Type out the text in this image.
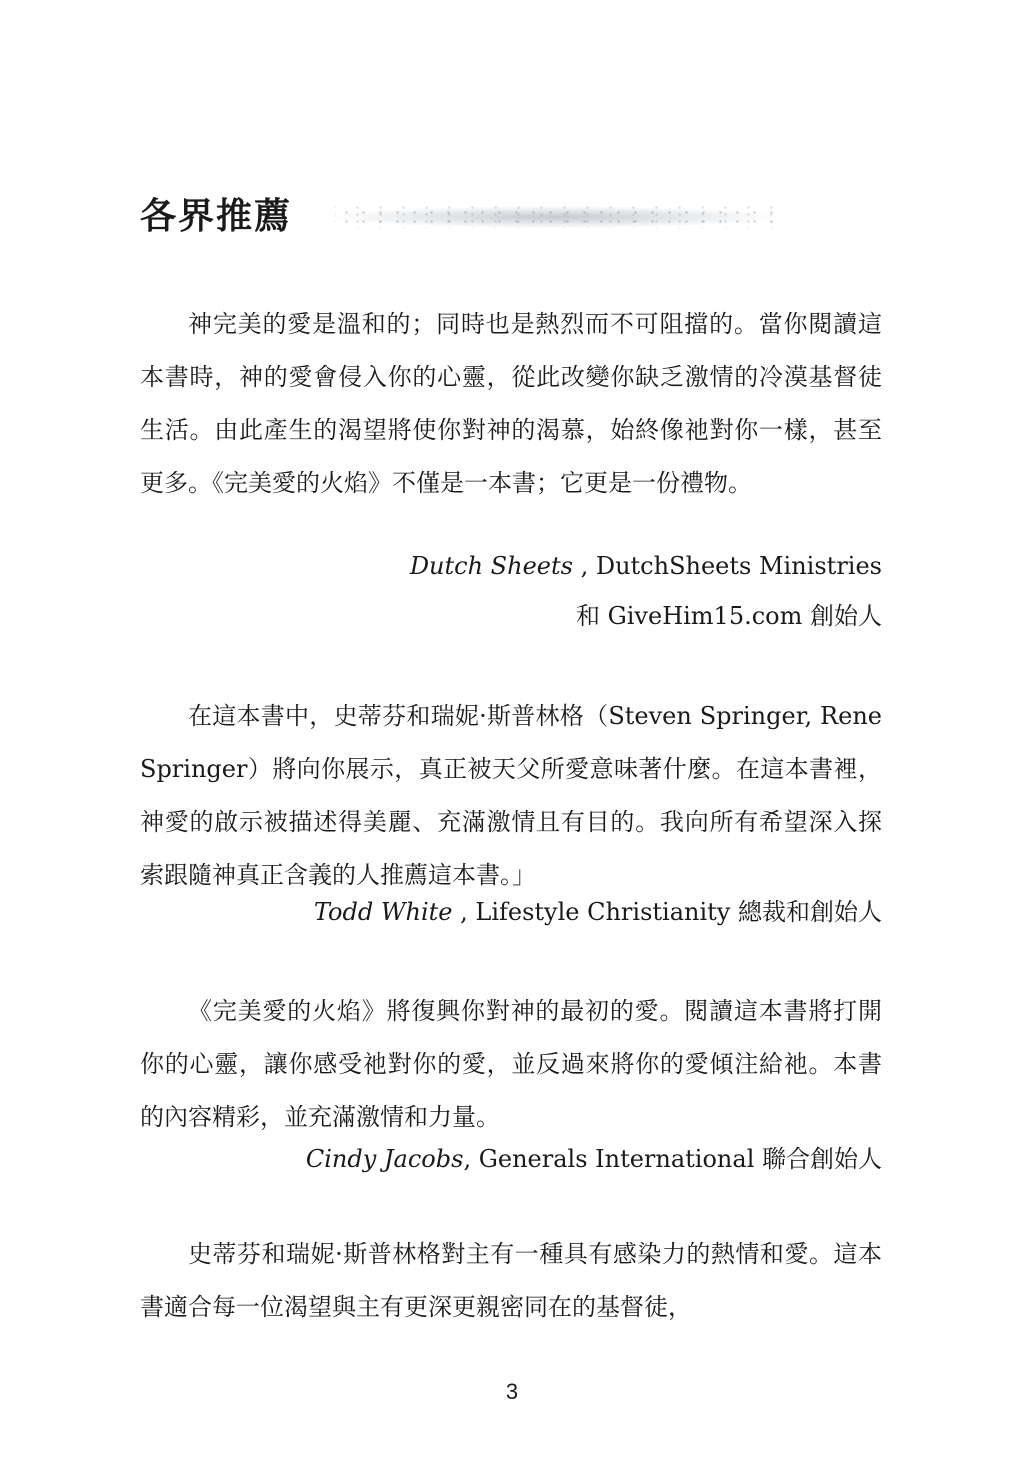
各界推薦

神完美的愛是溫和的；同時也是熱烈而不可阻擋的。當你閱讀這本書時，神的愛會侵入你的心靈，從此改變你缺乏激情的冷漠基督徒生活。由此產生的渴望將使你對神的渴慕，始終像祂對你一樣，甚至更多。《完美愛的火焰》不僅是一本書；它更是一份禮物。

Dutch Sheets , DutchSheets Ministries
和 GiveHim15.com 創始人

在這本書中，史蒂芬和瑞妮·斯普林格（Steven Springer, Rene Springer）將向你展示，真正被天父所愛意味著什麼。在這本書裡，神愛的啟示被描述得美麗、充滿激情且有目的。我向所有希望深入探索跟隨神真正含義的人推薦這本書。」

Todd White , Lifestyle Christianity 總裁和創始人

《完美愛的火焰》將復興你對神的最初的愛。閱讀這本書將打開你的心靈，讓你感受祂對你的愛，並反過來將你的愛傾注給祂。本書的內容精彩，並充滿激情和力量。

Cindy Jacobs, Generals International 聯合創始人

史蒂芬和瑞妮·斯普林格對主有一種具有感染力的熱情和愛。這本書適合每一位渴望與主有更深更親密同在的基督徒，

3
